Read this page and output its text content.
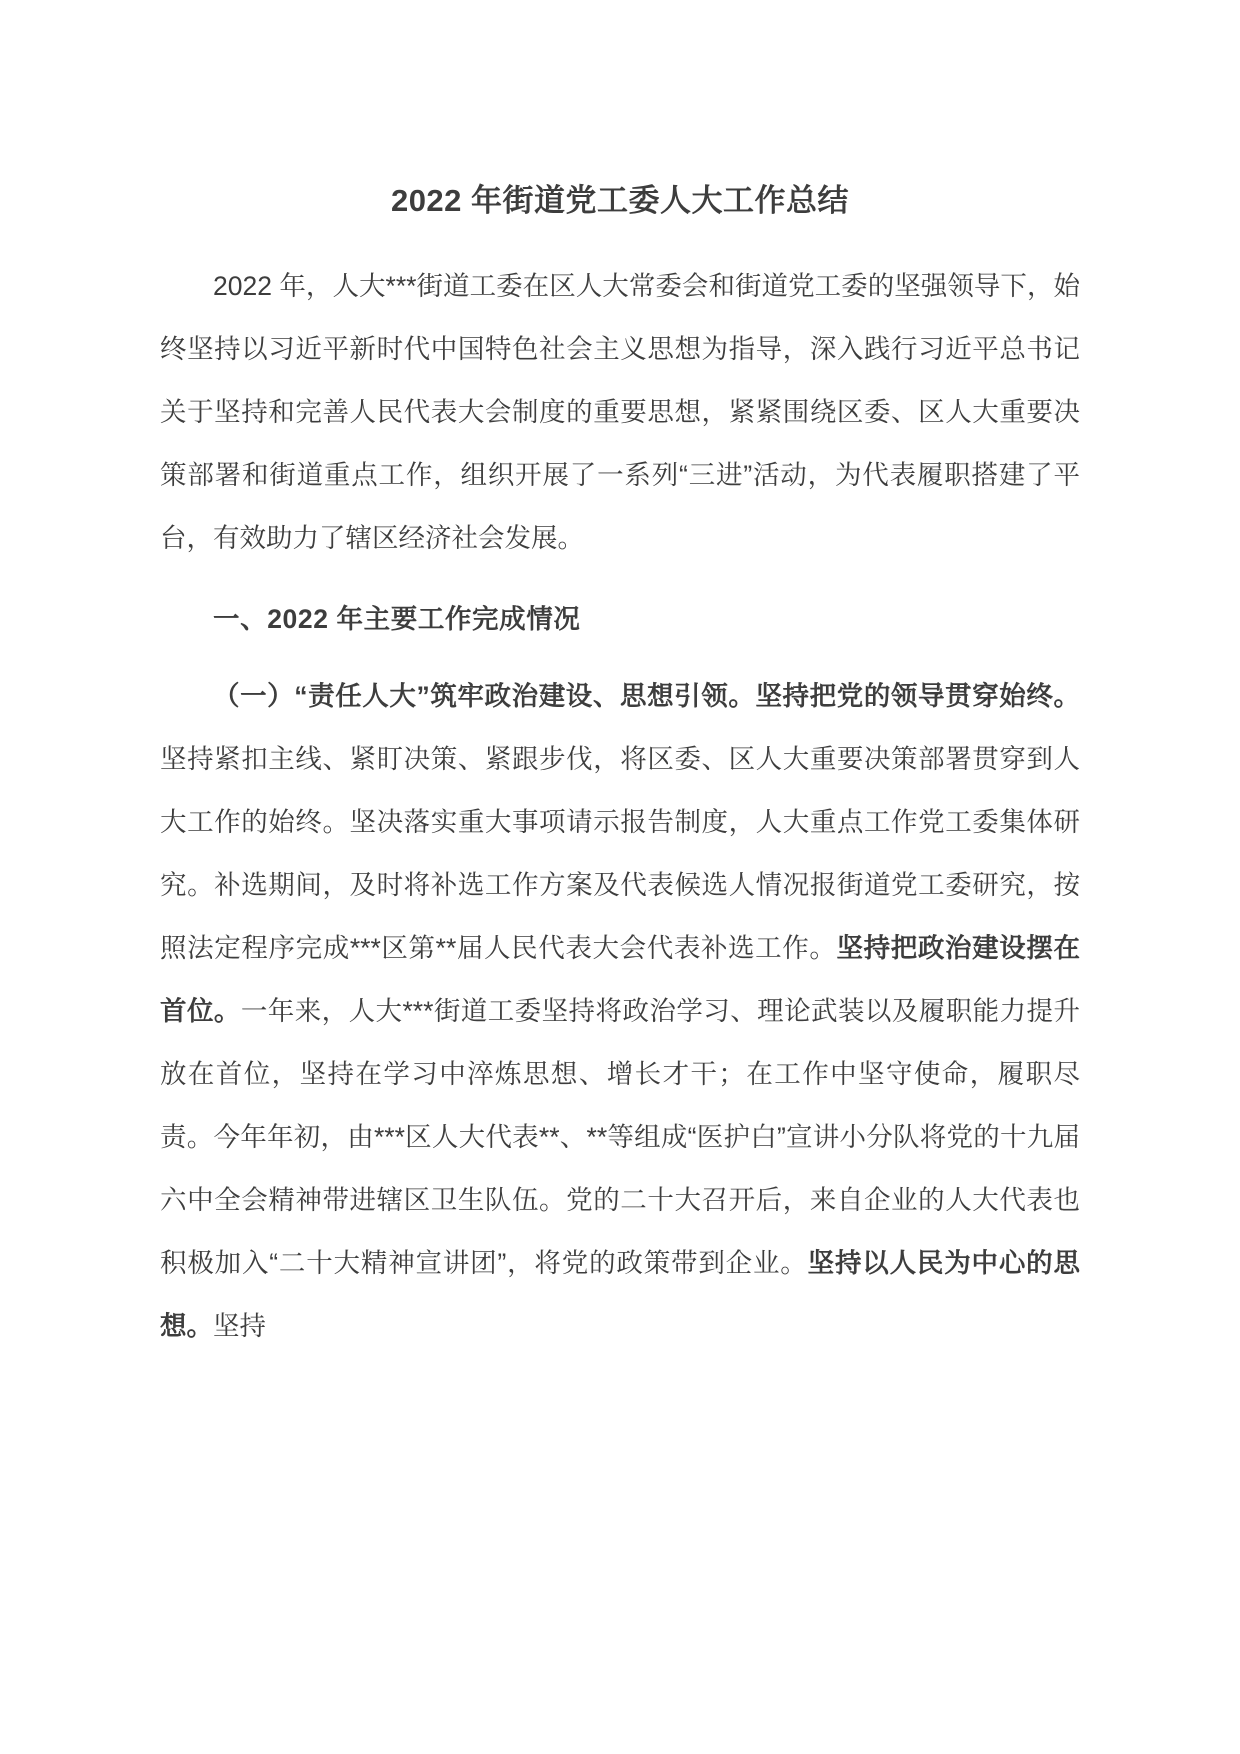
2022 年街道党工委人大工作总结

2022 年，人大***街道工委在区人大常委会和街道党工委的坚强领导下，始终坚持以习近平新时代中国特色社会主义思想为指导，深入践行习近平总书记关于坚持和完善人民代表大会制度的重要思想，紧紧围绕区委、区人大重要决策部署和街道重点工作，组织开展了一系列“三进”活动，为代表履职搭建了平台，有效助力了辖区经济社会发展。

一、2022 年主要工作完成情况

（一）“责任人大”筑牢政治建设、思想引领。坚持把党的领导贯穿始终。坚持紧扣主线、紧盯决策、紧跟步伐，将区委、区人大重要决策部署贯穿到人大工作的始终。坚决落实重大事项请示报告制度，人大重点工作党工委集体研究。补选期间，及时将补选工作方案及代表候选人情况报街道党工委研究，按照法定程序完成***区第**届人民代表大会代表补选工作。坚持把政治建设摆在首位。一年来，人大***街道工委坚持将政治学习、理论武装以及履职能力提升放在首位，坚持在学习中淬炼思想、增长才干；在工作中坚守使命，履职尽责。今年年初，由***区人大代表**、**等组成“医护白”宣讲小分队将党的十九届六中全会精神带进辖区卫生队伍。党的二十大召开后，来自企业的人大代表也积极加入“二十大精神宣讲团”，将党的政策带到企业。坚持以人民为中心的思想。坚持
